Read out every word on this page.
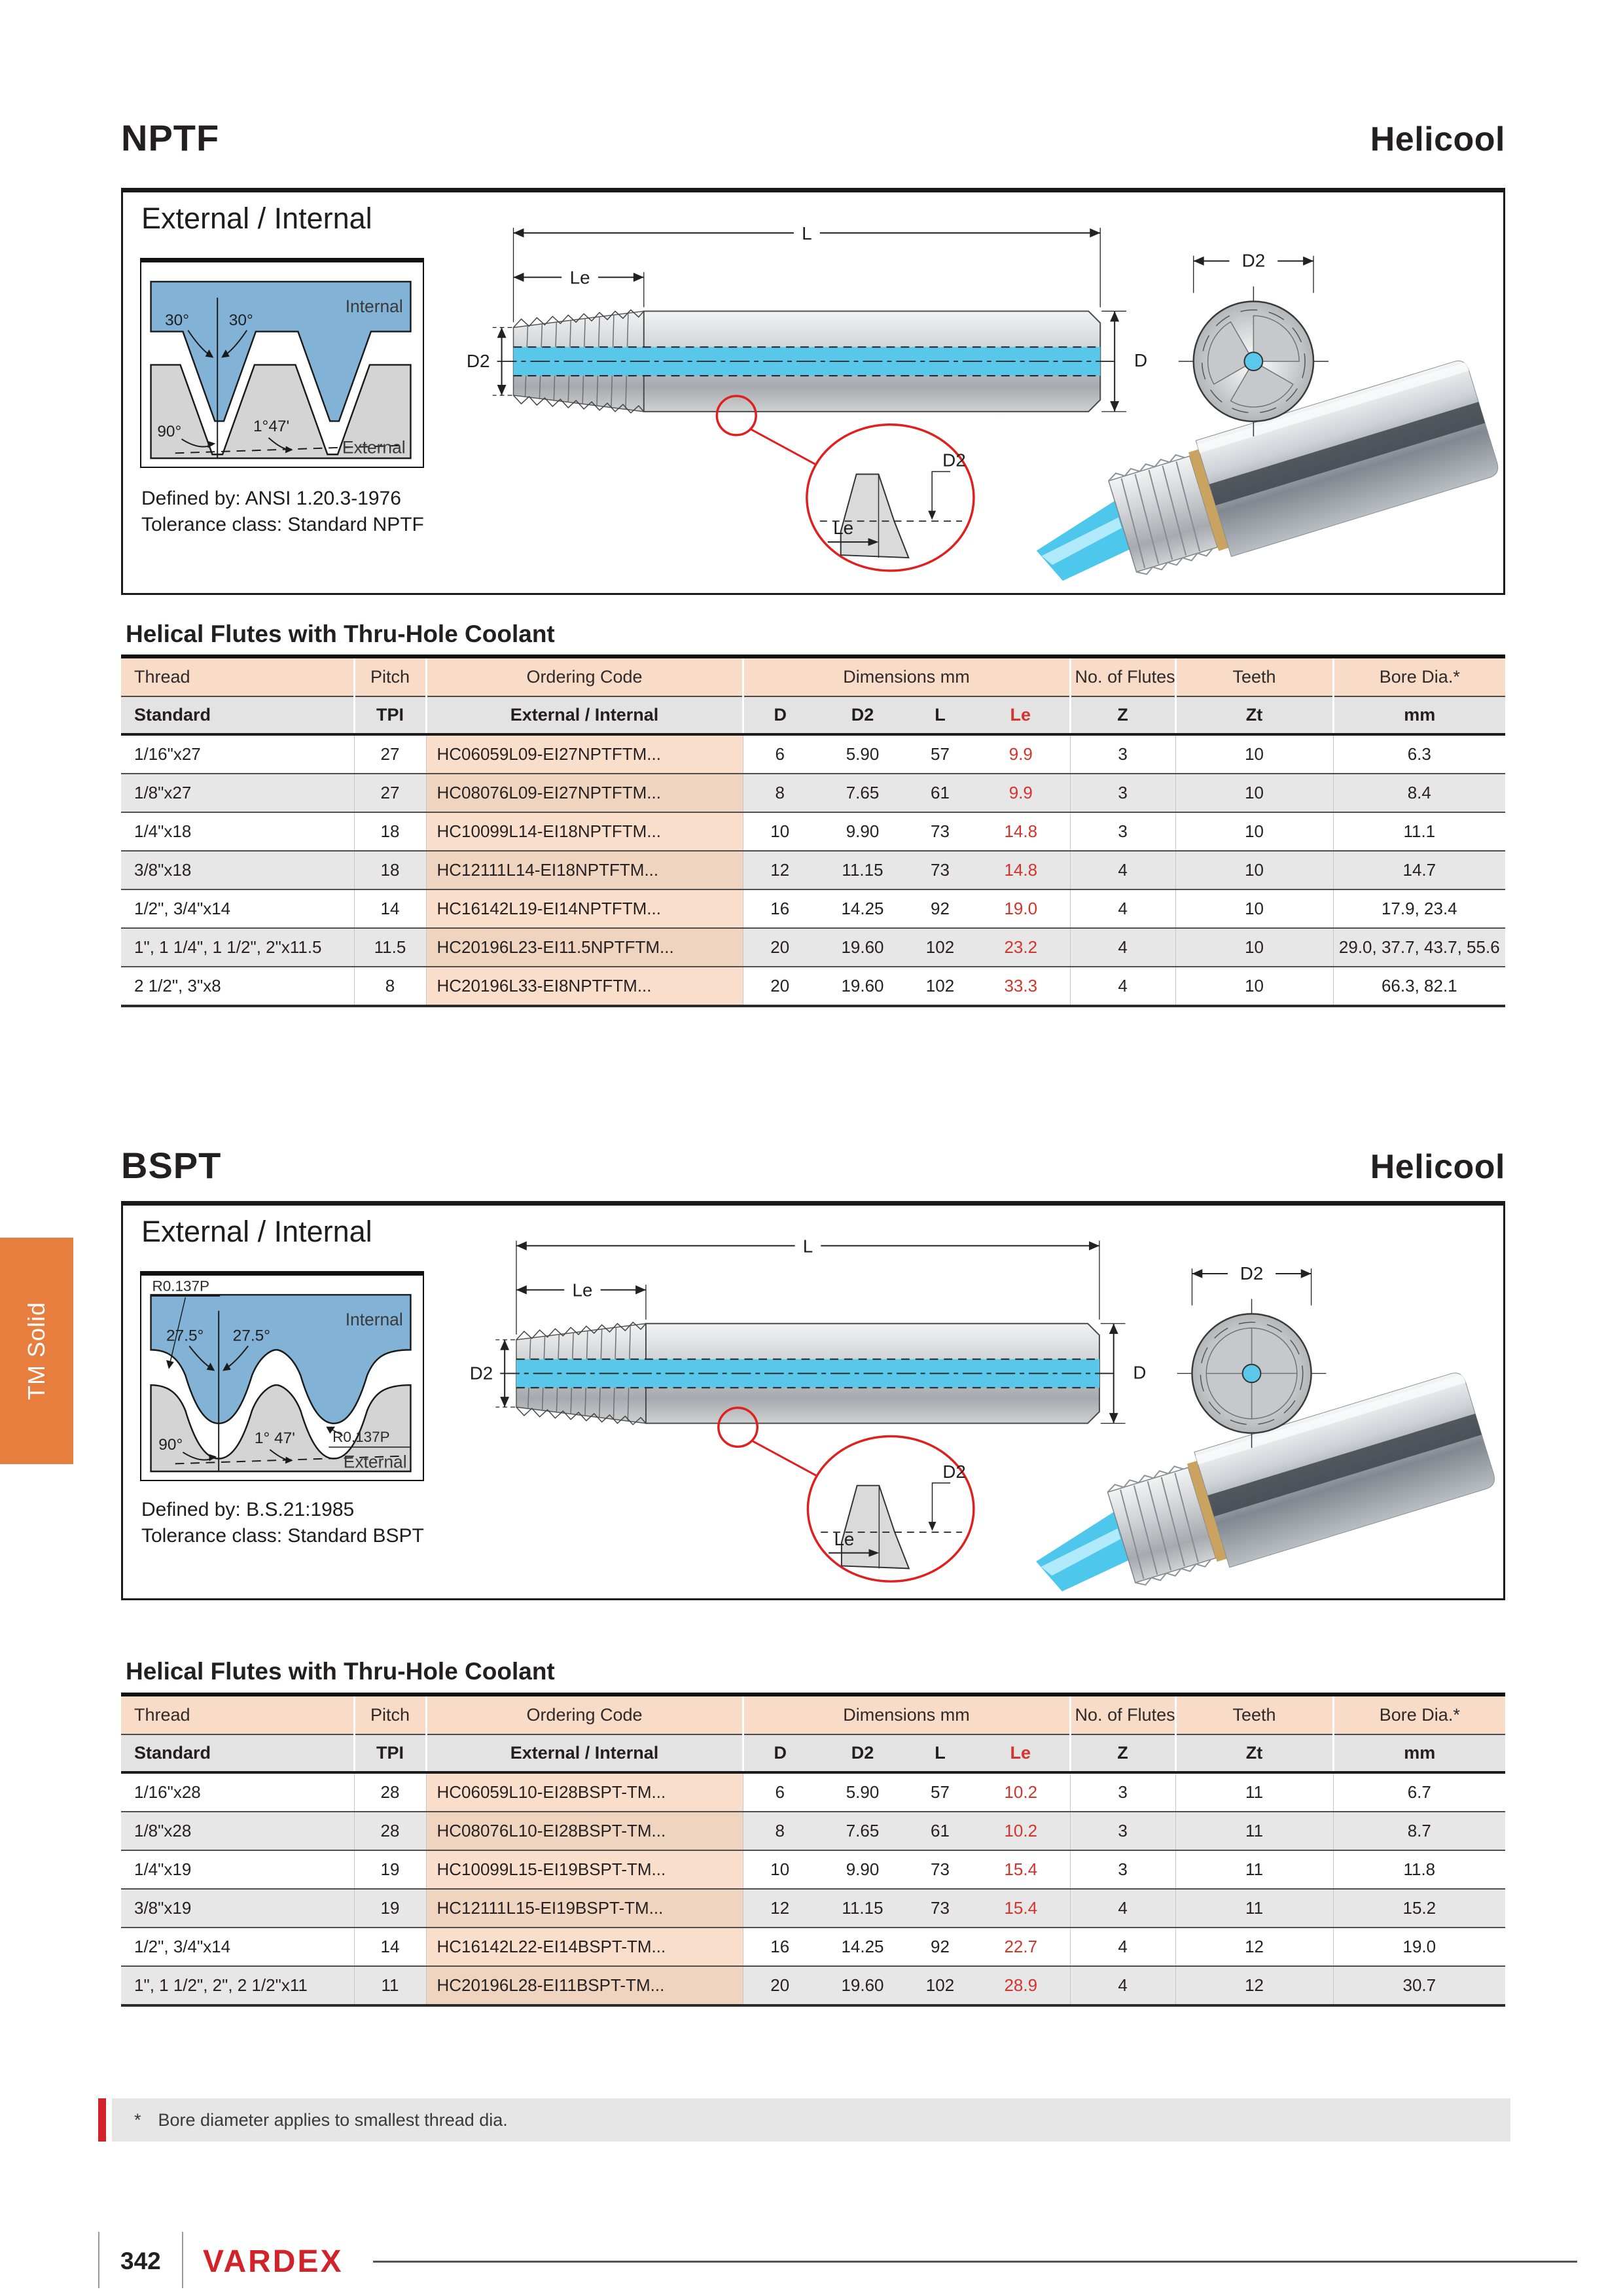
NPTF	Helicool
External / Internal
30° 30°
90°	1°47'
Internal
External
Defined by: ANSI 1.20.3-1976
Tolerance class: Standard NPTF
L
Le
D2	D
D2
Le
D2
Helical Flutes with Thru-Hole Coolant
Thread	Pitch	Ordering Code	Dimensions mm				No. of Flutes	Teeth	Bore Dia.*
Standard	TPI	External / Internal	D	D2	L	Le	Z	Zt	mm
1/16"x27	27	HC06059L09-EI27NPTFTM...	6	5.90	57	9.9	3	10	6.3
1/8"x27	27	HC08076L09-EI27NPTFTM...	8	7.65	61	9.9	3	10	8.4
1/4"x18	18	HC10099L14-EI18NPTFTM...	10	9.90	73	14.8	3	10	11.1
3/8"x18	18	HC12111L14-EI18NPTFTM...	12	11.15	73	14.8	4	10	14.7
1/2", 3/4"x14	14	HC16142L19-EI14NPTFTM...	16	14.25	92	19.0	4	10	17.9, 23.4
1", 1 1/4", 1 1/2", 2"x11.5	11.5	HC20196L23-EI11.5NPTFTM...	20	19.60	102	23.2	4	10	29.0, 37.7, 43.7, 55.6
2 1/2", 3"x8	8	HC20196L33-EI8NPTFTM...	20	19.60	102	33.3	4	10	66.3, 82.1
BSPT	Helicool
External / Internal
27.5° 27.5°
90°	1° 47'
R0.137P
R0.137P
Internal
External
Defined by: B.S.21:1985
Tolerance class: Standard BSPT
L
Le
D2	D
D2
Le
D2
Helical Flutes with Thru-Hole Coolant
Thread	Pitch	Ordering Code	Dimensions mm				No. of Flutes	Teeth	Bore Dia.*
Standard	TPI	External / Internal	D	D2	L	Le	Z	Zt	mm
1/16"x28	28	HC06059L10-EI28BSPT-TM...	6	5.90	57	10.2	3	11	6.7
1/8"x28	28	HC08076L10-EI28BSPT-TM...	8	7.65	61	10.2	3	11	8.7
1/4"x19	19	HC10099L15-EI19BSPT-TM...	10	9.90	73	15.4	3	11	11.8
3/8"x19	19	HC12111L15-EI19BSPT-TM...	12	11.15	73	15.4	4	11	15.2
1/2", 3/4"x14	14	HC16142L22-EI14BSPT-TM...	16	14.25	92	22.7	4	12	19.0
1", 1 1/2", 2", 2 1/2"x11	11	HC20196L28-EI11BSPT-TM...	20	19.60	102	28.9	4	12	30.7
TM Solid
* Bore diameter applies to smallest thread dia.
342 VARDEX
